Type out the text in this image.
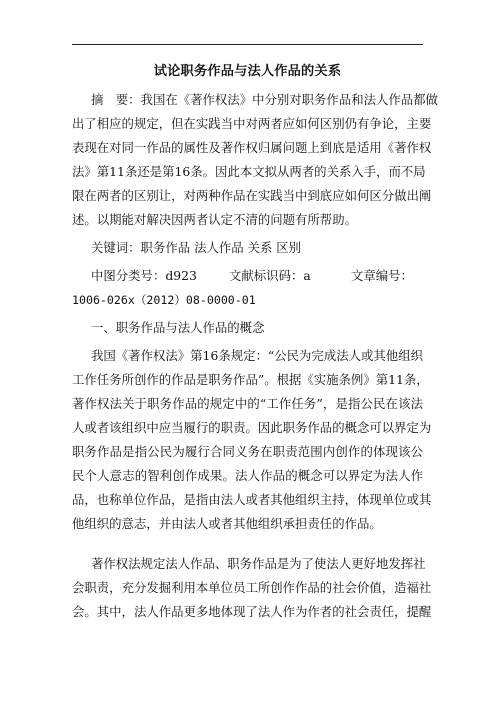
试论职务作品与法人作品的关系
摘　要：我国在《著作权法》中分别对职务作品和法人作品都做
出了相应的规定，但在实践当中对两者应如何区别仍有争论，主要
表现在对同一作品的属性及著作权归属问题上到底是适用《著作权
法》第11条还是第16条。因此本文拟从两者的关系入手，而不局
限在两者的区别让，对两种作品在实践当中到底应如何区分做出阐
述。以期能对解决因两者认定不清的问题有所帮助。
关键词：职务作品 法人作品 关系 区别
中图分类号：d923	文献标识码：a	文章编号：
1006-026x（2012）08-0000-01
一、职务作品与法人作品的概念
我国《著作权法》第16条规定：“公民为完成法人或其他组织
工作任务所创作的作品是职务作品”。根据《实施条例》第11条，
著作权法关于职务作品的规定中的“工作任务”，是指公民在该法
人或者该组织中应当履行的职责。因此职务作品的概念可以界定为
职务作品是指公民为履行合同义务在职责范围内创作的体现该公
民个人意志的智利创作成果。法人作品的概念可以界定为法人作
品，也称单位作品，是指由法人或者其他组织主持，体现单位或其
他组织的意志，并由法人或者其他组织承担责任的作品。
著作权法规定法人作品、职务作品是为了使法人更好地发挥社
会职责，充分发掘利用本单位员工所创作作品的社会价值，造福社
会。其中，法人作品更多地体现了法人作为作者的社会责任，提醒
